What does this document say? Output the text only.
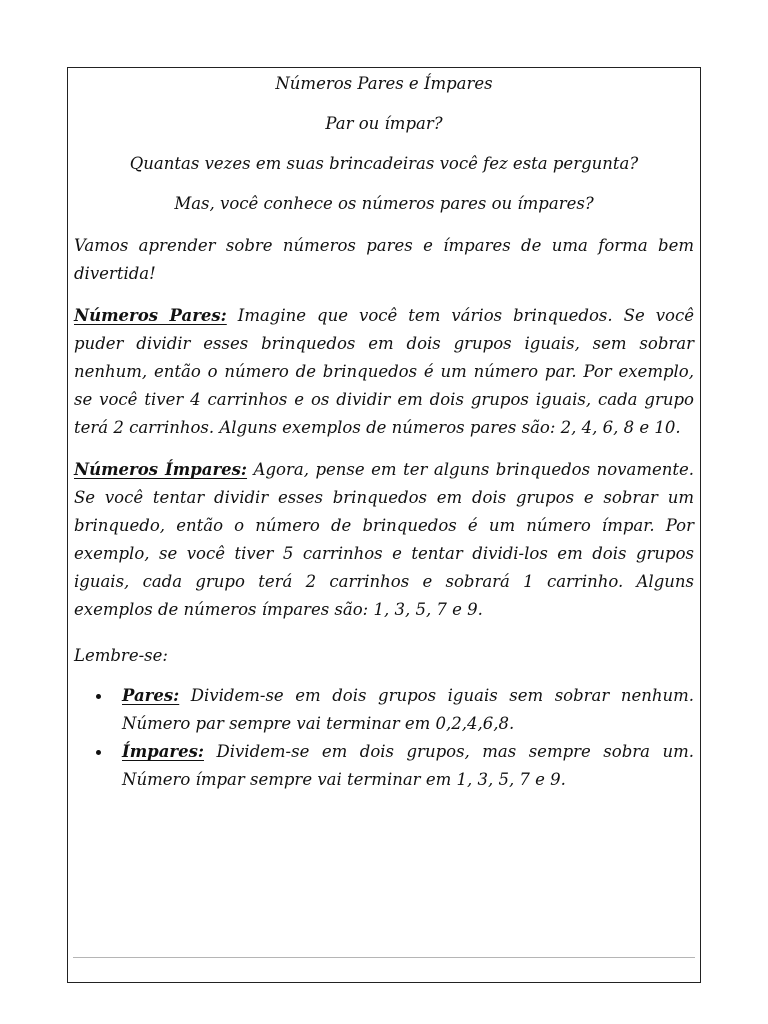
Números Pares e Ímpares

Par ou ímpar?

Quantas vezes em suas brincadeiras você fez esta pergunta?

Mas, você conhece os números pares ou ímpares?

Vamos aprender sobre números pares e ímpares de uma forma bem divertida!

Números Pares: Imagine que você tem vários brinquedos. Se você puder dividir esses brinquedos em dois grupos iguais, sem sobrar nenhum, então o número de brinquedos é um número par. Por exemplo, se você tiver 4 carrinhos e os dividir em dois grupos iguais, cada grupo terá 2 carrinhos. Alguns exemplos de números pares são: 2, 4, 6, 8 e 10.

Números Ímpares: Agora, pense em ter alguns brinquedos novamente. Se você tentar dividir esses brinquedos em dois grupos e sobrar um brinquedo, então o número de brinquedos é um número ímpar. Por exemplo, se você tiver 5 carrinhos e tentar dividi-los em dois grupos iguais, cada grupo terá 2 carrinhos e sobrará 1 carrinho. Alguns exemplos de números ímpares são: 1, 3, 5, 7 e 9.

Lembre-se:

Pares: Dividem-se em dois grupos iguais sem sobrar nenhum. Número par sempre vai terminar em 0,2,4,6,8.
Ímpares: Dividem-se em dois grupos, mas sempre sobra um. Número ímpar sempre vai terminar em 1, 3, 5, 7 e 9.
